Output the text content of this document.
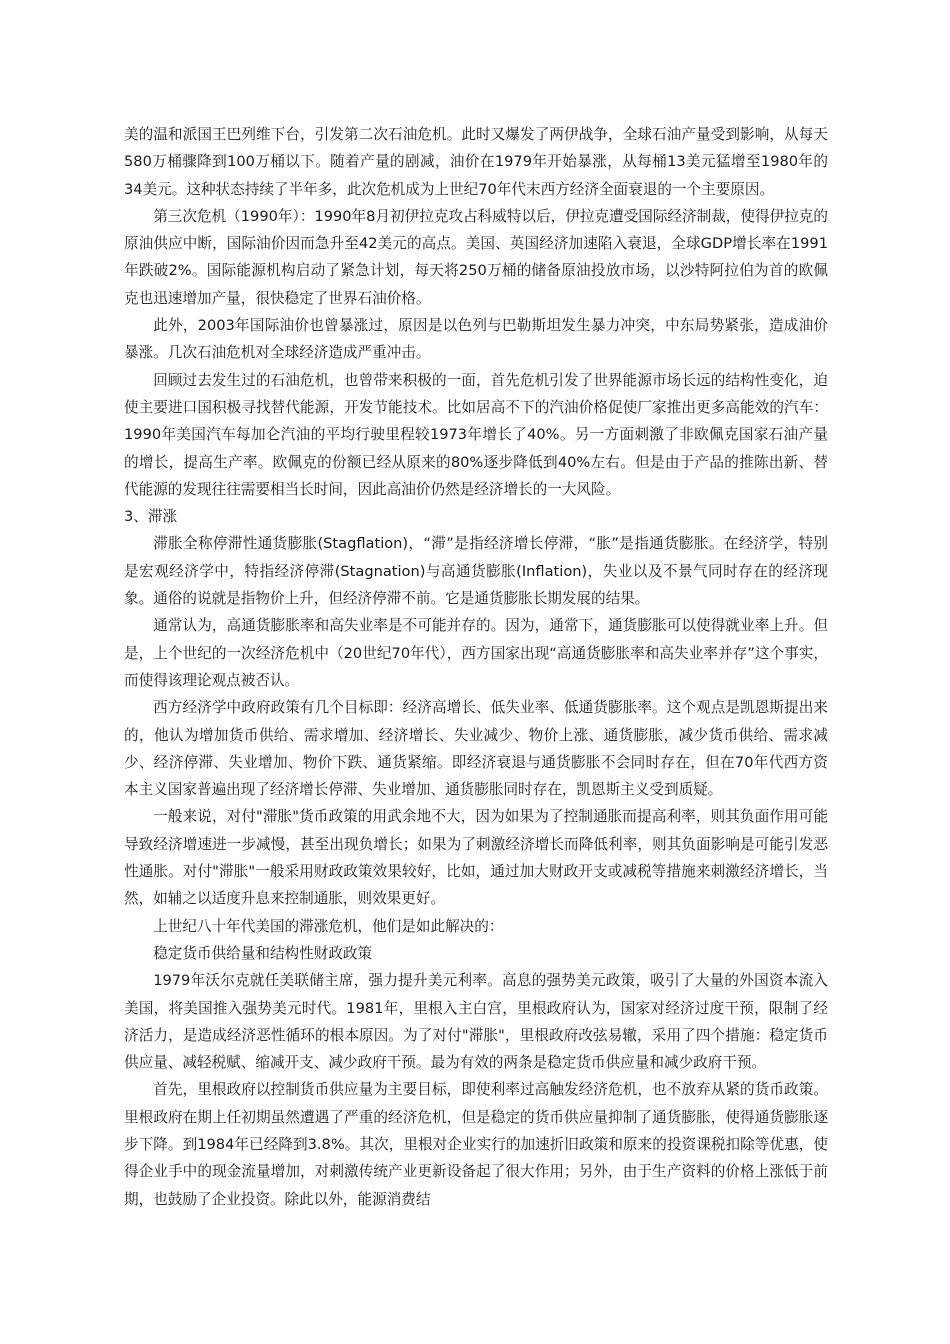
美的温和派国王巴列维下台，引发第二次石油危机。此时又爆发了两伊战争，全球石油产量受到影响，从每天580万桶骤降到100万桶以下。随着产量的剧减，油价在1979年开始暴涨，从每桶13美元猛增至1980年的34美元。这种状态持续了半年多，此次危机成为上世纪70年代末西方经济全面衰退的一个主要原因。

第三次危机（1990年）：1990年8月初伊拉克攻占科威特以后，伊拉克遭受国际经济制裁，使得伊拉克的原油供应中断，国际油价因而急升至42美元的高点。美国、英国经济加速陷入衰退，全球GDP增长率在1991年跌破2%。国际能源机构启动了紧急计划，每天将250万桶的储备原油投放市场，以沙特阿拉伯为首的欧佩克也迅速增加产量，很快稳定了世界石油价格。

此外，2003年国际油价也曾暴涨过，原因是以色列与巴勒斯坦发生暴力冲突，中东局势紧张，造成油价暴涨。几次石油危机对全球经济造成严重冲击。

回顾过去发生过的石油危机，也曾带来积极的一面，首先危机引发了世界能源市场长远的结构性变化，迫使主要进口国积极寻找替代能源，开发节能技术。比如居高不下的汽油价格促使厂家推出更多高能效的汽车：1990年美国汽车每加仑汽油的平均行驶里程较1973年增长了40%。另一方面刺激了非欧佩克国家石油产量的增长，提高生产率。欧佩克的份额已经从原来的80%逐步降低到40%左右。但是由于产品的推陈出新、替代能源的发现往往需要相当长时间，因此高油价仍然是经济增长的一大风险。

3、滞涨

滞胀全称停滞性通货膨胀(Stagflation)，“滞”是指经济增长停滞，“胀”是指通货膨胀。在经济学，特别是宏观经济学中，特指经济停滞(Stagnation)与高通货膨胀(Inflation)，失业以及不景气同时存在的经济现象。通俗的说就是指物价上升，但经济停滞不前。它是通货膨胀长期发展的结果。

通常认为，高通货膨胀率和高失业率是不可能并存的。因为，通常下，通货膨胀可以使得就业率上升。但是，上个世纪的一次经济危机中（20世纪70年代），西方国家出现“高通货膨胀率和高失业率并存”这个事实，而使得该理论观点被否认。

西方经济学中政府政策有几个目标即：经济高增长、低失业率、低通货膨胀率。这个观点是凯恩斯提出来的，他认为增加货币供给、需求增加、经济增长、失业减少、物价上涨、通货膨胀，减少货币供给、需求减少、经济停滞、失业增加、物价下跌、通货紧缩。即经济衰退与通货膨胀不会同时存在，但在70年代西方资本主义国家普遍出现了经济增长停滞、失业增加、通货膨胀同时存在，凯恩斯主义受到质疑。

一般来说，对付"滞胀"货币政策的用武余地不大，因为如果为了控制通胀而提高利率，则其负面作用可能导致经济增速进一步减慢，甚至出现负增长；如果为了刺激经济增长而降低利率，则其负面影响是可能引发恶性通胀。对付"滞胀"一般采用财政政策效果较好，比如，通过加大财政开支或减税等措施来刺激经济增长，当然，如辅之以适度升息来控制通胀，则效果更好。

上世纪八十年代美国的滞涨危机，他们是如此解决的：

稳定货币供给量和结构性财政政策

1979年沃尔克就任美联储主席，强力提升美元利率。高息的强势美元政策，吸引了大量的外国资本流入美国，将美国推入强势美元时代。1981年，里根入主白宫，里根政府认为，国家对经济过度干预，限制了经济活力，是造成经济恶性循环的根本原因。为了对付"滞胀"，里根政府改弦易辙，采用了四个措施：稳定货币供应量、减轻税赋、缩减开支、减少政府干预。最为有效的两条是稳定货币供应量和减少政府干预。

首先，里根政府以控制货币供应量为主要目标，即使利率过高触发经济危机，也不放弃从紧的货币政策。里根政府在期上任初期虽然遭遇了严重的经济危机，但是稳定的货币供应量抑制了通货膨胀，使得通货膨胀逐步下降。到1984年已经降到3.8%。其次，里根对企业实行的加速折旧政策和原来的投资课税扣除等优惠，使得企业手中的现金流量增加，对刺激传统产业更新设备起了很大作用；另外，由于生产资料的价格上涨低于前期，也鼓励了企业投资。除此以外，能源消费结
